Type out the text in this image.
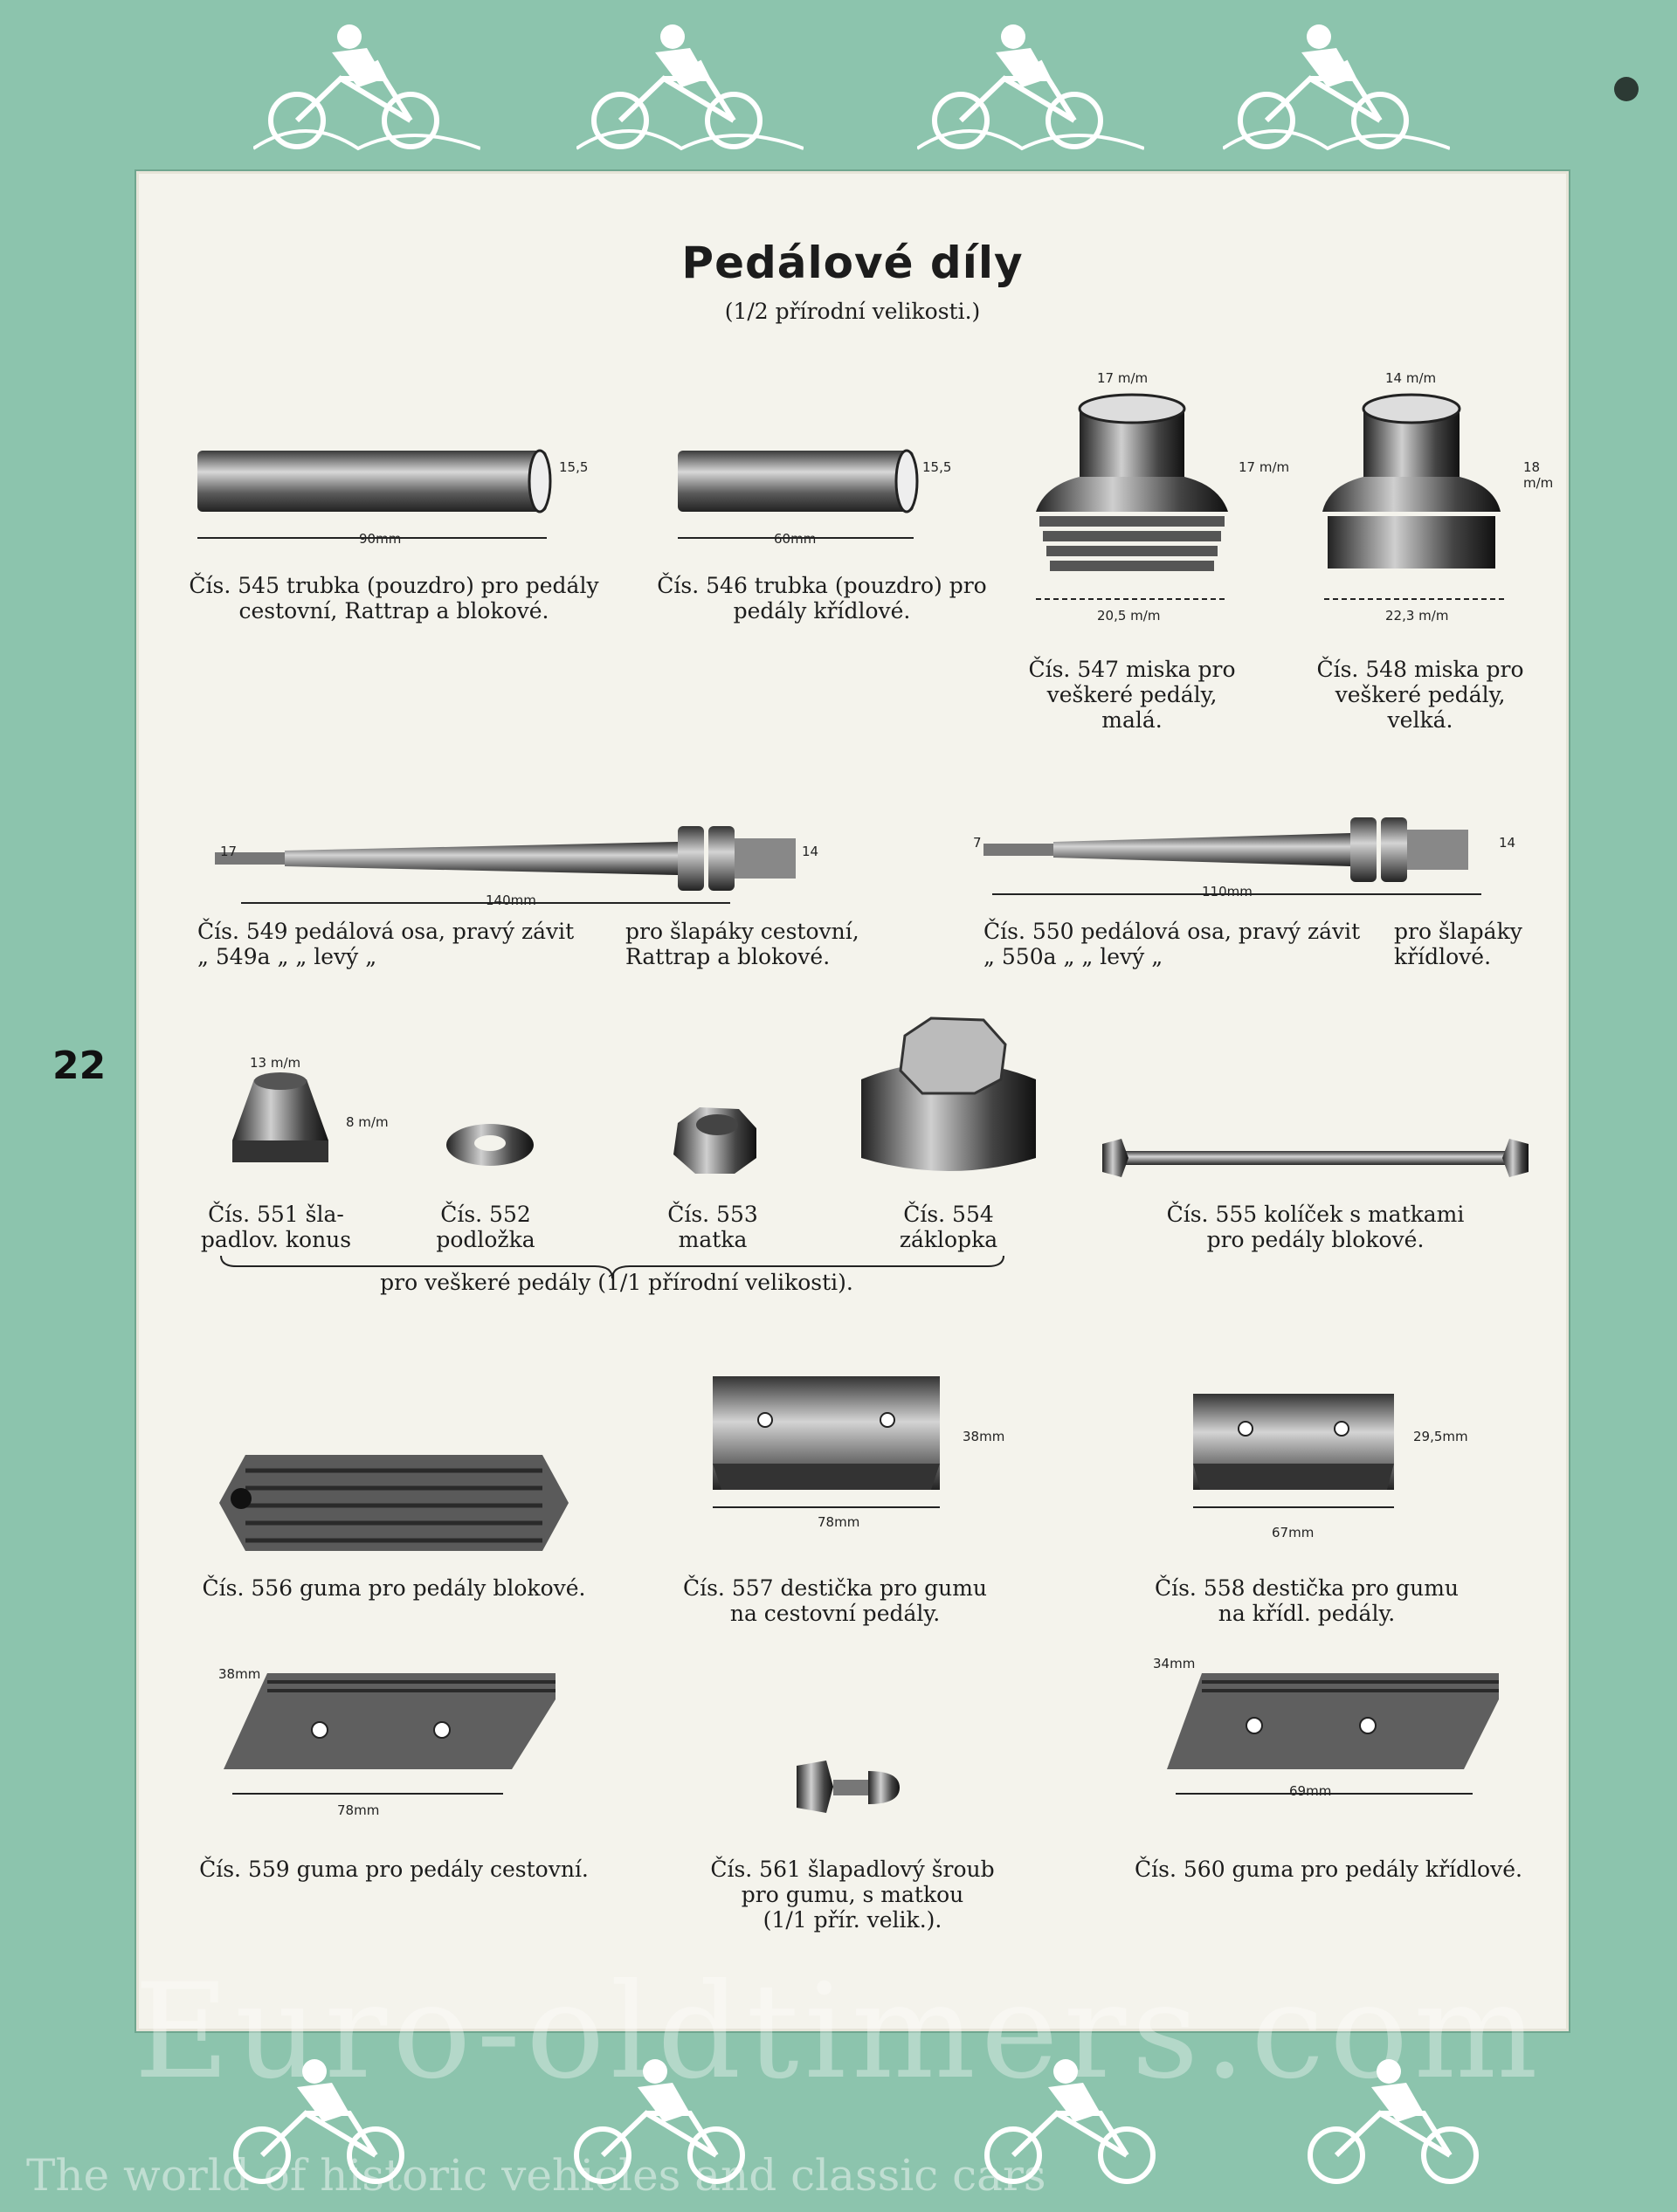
22
Pedálové díly
(1/2 přírodní velikosti.)
90mm
15,5
Čís. 545 trubka (pouzdro) pro pedály
cestovní, Rattrap a blokové.
60mm
15,5
Čís. 546 trubka (pouzdro) pro
pedály křídlové.
17 m/m
20,5 m/m
17 m/m
Čís. 547 miska pro
veškeré pedály,
malá.
14 m/m
22,3 m/m
18 m/m
Čís. 548 miska pro
veškeré pedály,
velká.
140mm
17	14
Čís. 549 pedálová osa, pravý závit
„ 549a „ „ levý „
pro šlapáky cestovní,
Rattrap a blokové.
110mm
7	14
Čís. 550 pedálová osa, pravý závit
„ 550a „ „ levý „
pro šlapáky
křídlové.
13 m/m
8 m/m
Čís. 551 šla-
padlov. konus
Čís. 552
podložka
Čís. 553
matka
Čís. 554
záklopka
pro veškeré pedály (1/1 přírodní velikosti).
Čís. 555 kolíček s matkami
pro pedály blokové.
Čís. 556 guma pro pedály blokové.
78mm
38mm
Čís. 557 destička pro gumu
na cestovní pedály.
67mm
29,5mm
Čís. 558 destička pro gumu
na křídl. pedály.
78mm
38mm
Čís. 559 guma pro pedály cestovní.	Čís. 561 šlapadlový šroub
pro gumu, s matkou
(1/1 přír. velik.).
69mm
34mm
Čís. 560 guma pro pedály křídlové.
Euro-oldtimers.com
The world of historic vehicles and classic cars
